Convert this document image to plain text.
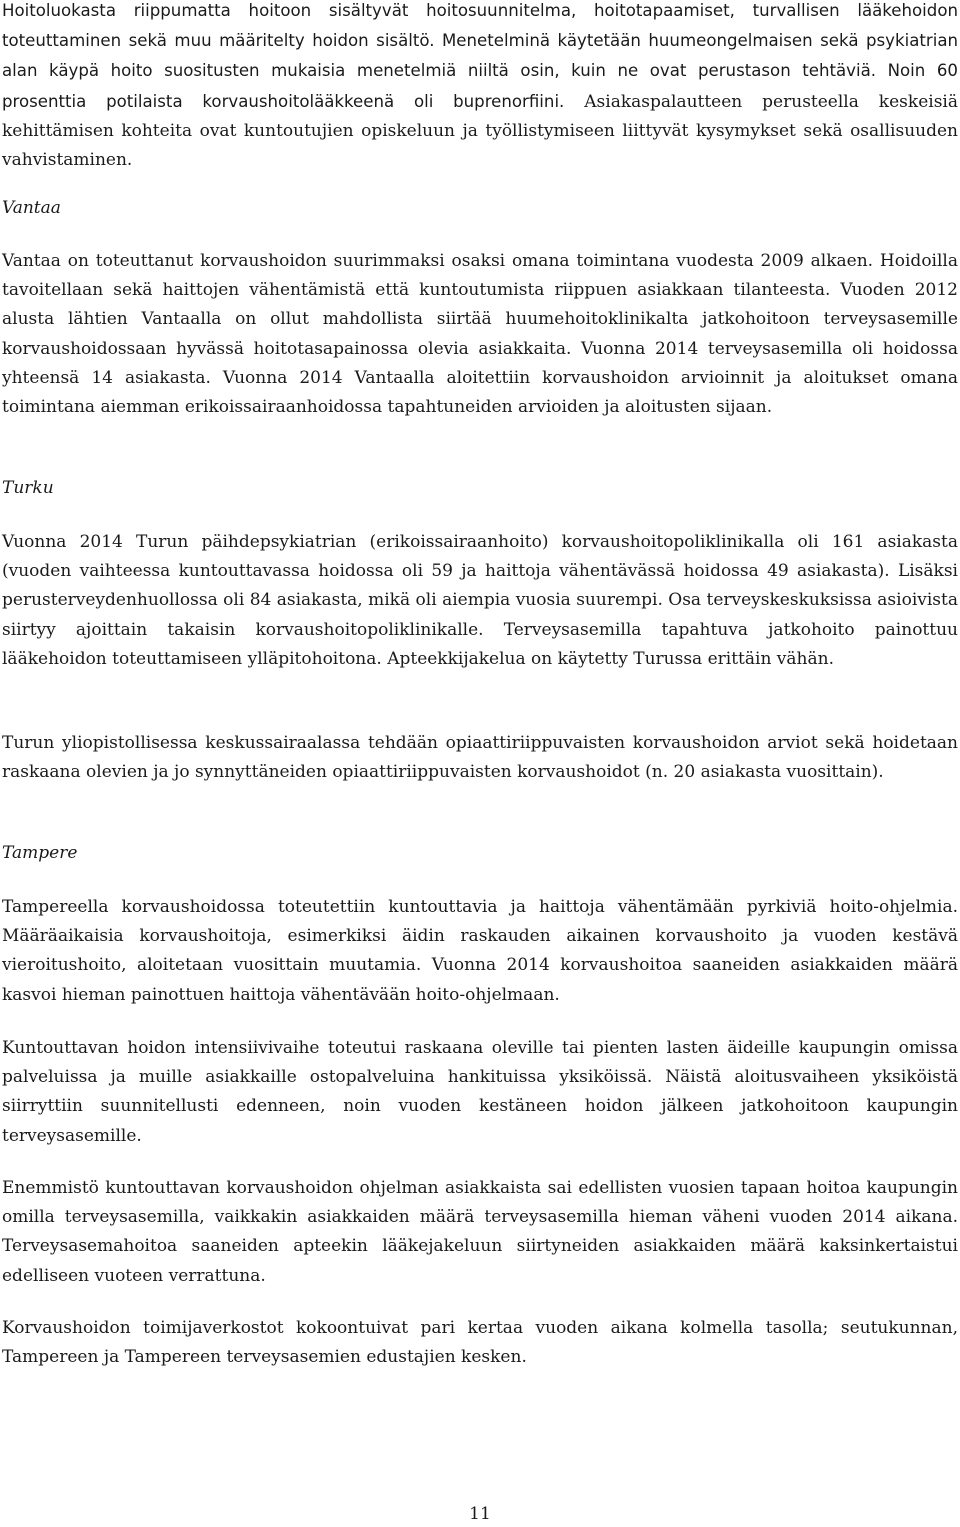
Hoitoluokasta riippumatta hoitoon sisältyvät hoitosuunnitelma, hoitotapaamiset, turvallisen lääkehoidon toteuttaminen sekä muu määritelty hoidon sisältö. Menetelminä käytetään huumeongelmaisen sekä psykiatrian alan käypä hoito suositusten mukaisia menetelmiä niiltä osin, kuin ne ovat perustason tehtäviä. Noin 60 prosenttia potilaista korvaushoitolääkkeenä oli buprenorfiini. Asiakaspalautteen perusteella keskeisiä kehittämisen kohteita ovat kuntoutujien opiskeluun ja työllistymiseen liittyvät kysymykset sekä osallisuuden vahvistaminen.

Vantaa

Vantaa on toteuttanut korvaushoidon suurimmaksi osaksi omana toimintana vuodesta 2009 alkaen. Hoidoilla tavoitellaan sekä haittojen vähentämistä että kuntoutumista riippuen asiakkaan tilanteesta. Vuoden 2012 alusta lähtien Vantaalla on ollut mahdollista siirtää huumehoitoklinikalta jatkohoitoon terveysasemille korvaushoidossaan hyvässä hoitotasapainossa olevia asiakkaita. Vuonna 2014 terveysasemilla oli hoidossa yhteensä 14 asiakasta. Vuonna 2014 Vantaalla aloitettiin korvaushoidon arvioinnit ja aloitukset omana toimintana aiemman erikoissairaanhoidossa tapahtuneiden arvioiden ja aloitusten sijaan.

Turku

Vuonna 2014 Turun päihdepsykiatrian (erikoissairaanhoito) korvaushoitopoliklinikalla oli 161 asiakasta (vuoden vaihteessa kuntouttavassa hoidossa oli 59 ja haittoja vähentävässä hoidossa 49 asiakasta). Lisäksi perusterveydenhuollossa oli 84 asiakasta, mikä oli aiempia vuosia suurempi. Osa terveyskeskuksissa asioivista siirtyy ajoittain takaisin korvaushoitopoliklinikalle. Terveysasemilla tapahtuva jatkohoito painottuu lääkehoidon toteuttamiseen ylläpitohoitona. Apteekkijakelua on käytetty Turussa erittäin vähän.

Turun yliopistollisessa keskussairaalassa tehdään opiaattiriippuvaisten korvaushoidon arviot sekä hoidetaan raskaana olevien ja jo synnyttäneiden opiaattiriippuvaisten korvaushoidot (n. 20 asiakasta vuosittain).

Tampere

Tampereella korvaushoidossa toteutettiin kuntouttavia ja haittoja vähentämään pyrkiviä hoito-ohjelmia. Määräaikaisia korvaushoitoja, esimerkiksi äidin raskauden aikainen korvaushoito ja vuoden kestävä vieroitushoito, aloitetaan vuosittain muutamia. Vuonna 2014 korvaushoitoa saaneiden asiakkaiden määrä kasvoi hieman painottuen haittoja vähentävään hoito-ohjelmaan.

Kuntouttavan hoidon intensiivivaihe toteutui raskaana oleville tai pienten lasten äideille kaupungin omissa palveluissa ja muille asiakkaille ostopalveluina hankituissa yksiköissä. Näistä aloitusvaiheen yksiköistä siirryttiin suunnitellusti edenneen, noin vuoden kestäneen hoidon jälkeen jatkohoitoon kaupungin terveysasemille.

Enemmistö kuntouttavan korvaushoidon ohjelman asiakkaista sai edellisten vuosien tapaan hoitoa kaupungin omilla terveysasemilla, vaikkakin asiakkaiden määrä terveysasemilla hieman väheni vuoden 2014 aikana. Terveysasemahoitoa saaneiden apteekin lääkejakeluun siirtyneiden asiakkaiden määrä kaksinkertaistui edelliseen vuoteen verrattuna.

Korvaushoidon toimijaverkostot kokoontuivat pari kertaa vuoden aikana kolmella tasolla; seutukunnan, Tampereen ja Tampereen terveysasemien edustajien kesken.

11
